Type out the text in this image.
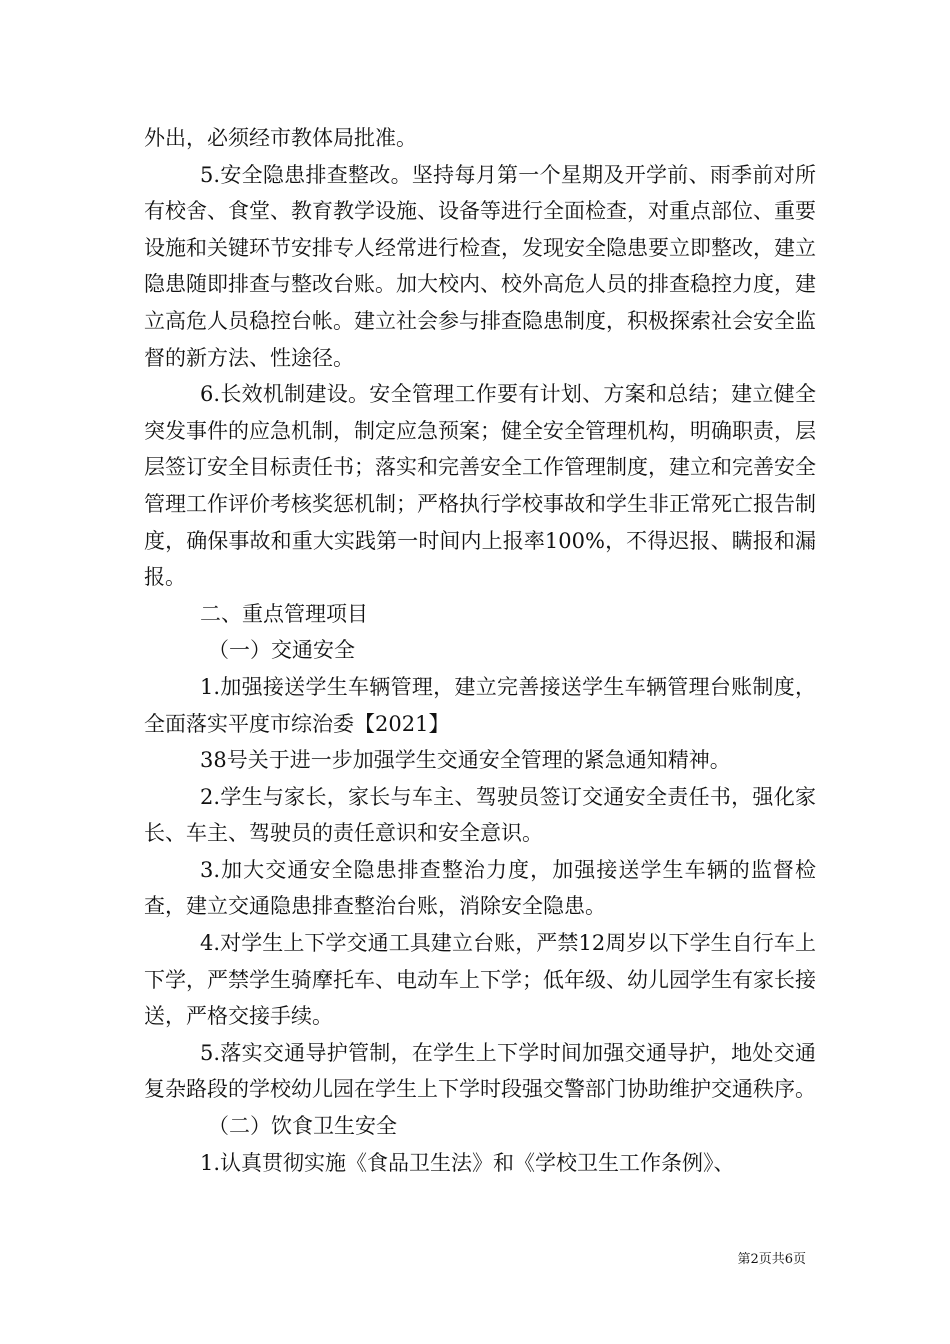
外出，必须经市教体局批准。

5.安全隐患排查整改。坚持每月第一个星期及开学前、雨季前对所有校舍、食堂、教育教学设施、设备等进行全面检查，对重点部位、重要设施和关键环节安排专人经常进行检查，发现安全隐患要立即整改，建立隐患随即排查与整改台账。加大校内、校外高危人员的排查稳控力度，建立高危人员稳控台帐。建立社会参与排查隐患制度，积极探索社会安全监督的新方法、性途径。

6.长效机制建设。安全管理工作要有计划、方案和总结；建立健全突发事件的应急机制，制定应急预案；健全安全管理机构，明确职责，层层签订安全目标责任书；落实和完善安全工作管理制度，建立和完善安全管理工作评价考核奖惩机制；严格执行学校事故和学生非正常死亡报告制度，确保事故和重大实践第一时间内上报率100%，不得迟报、瞒报和漏报。

二、重点管理项目

（一）交通安全

1.加强接送学生车辆管理，建立完善接送学生车辆管理台账制度，全面落实平度市综治委【2021】

38号关于进一步加强学生交通安全管理的紧急通知精神。

2.学生与家长，家长与车主、驾驶员签订交通安全责任书，强化家长、车主、驾驶员的责任意识和安全意识。

3.加大交通安全隐患排查整治力度，加强接送学生车辆的监督检查，建立交通隐患排查整治台账，消除安全隐患。

4.对学生上下学交通工具建立台账，严禁12周岁以下学生自行车上下学，严禁学生骑摩托车、电动车上下学；低年级、幼儿园学生有家长接送，严格交接手续。

5.落实交通导护管制，在学生上下学时间加强交通导护，地处交通复杂路段的学校幼儿园在学生上下学时段强交警部门协助维护交通秩序。

（二）饮食卫生安全

1.认真贯彻实施《食品卫生法》和《学校卫生工作条例》、

第2页共6页
